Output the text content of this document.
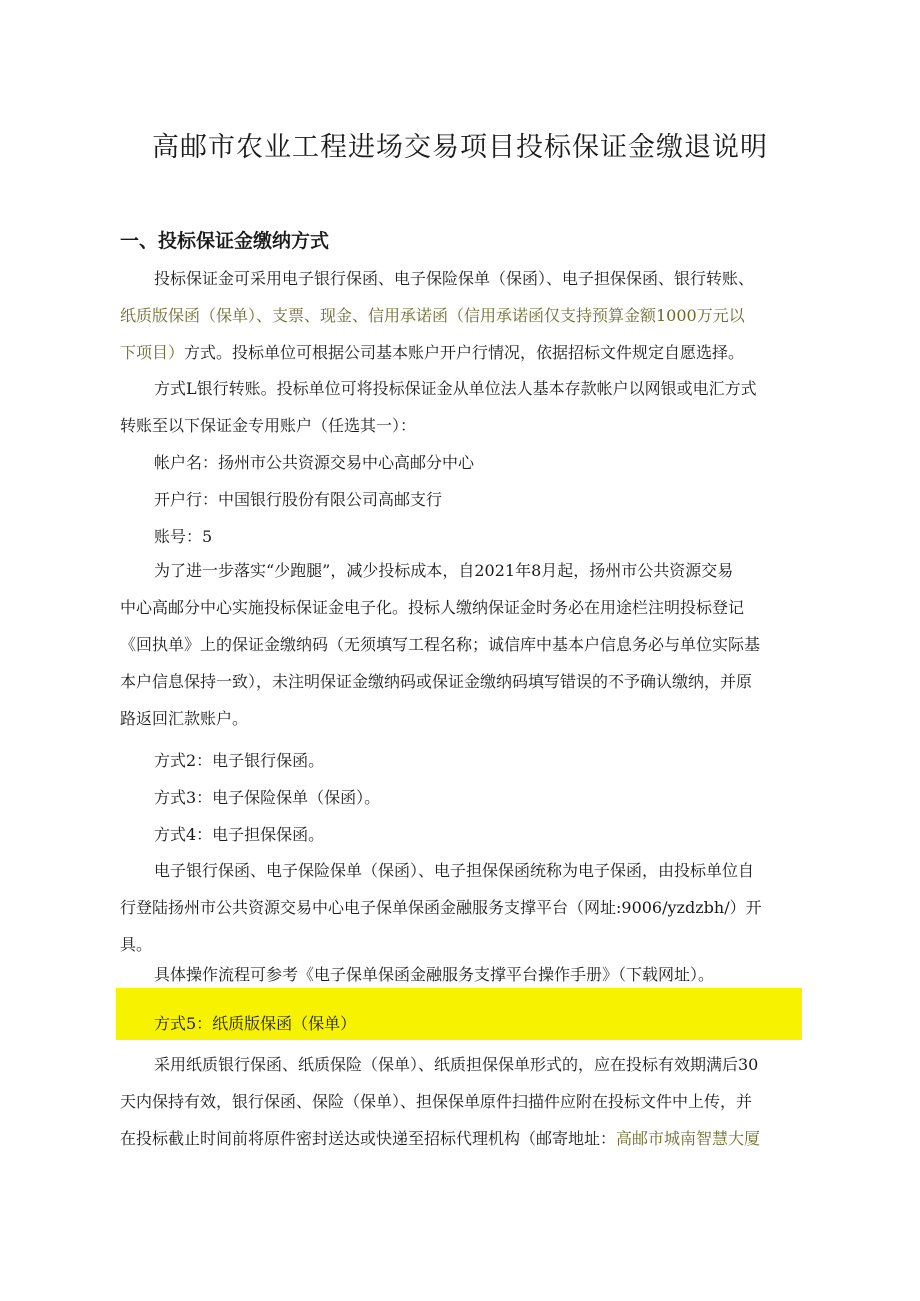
高邮市农业工程进场交易项目投标保证金缴退说明
一、投标保证金缴纳方式
投标保证金可采用电子银行保函、电子保险保单（保函）、电子担保保函、银行转账、
纸质版保函（保单）、支票、现金、信用承诺函（信用承诺函仅支持预算金额1000万元以
下项目）方式。投标单位可根据公司基本账户开户行情况，依据招标文件规定自愿选择。
方式L银行转账。投标单位可将投标保证金从单位法人基本存款帐户以网银或电汇方式
转账至以下保证金专用账户（任选其一）：
帐户名：扬州市公共资源交易中心高邮分中心
开户行：中国银行股份有限公司高邮支行
账号：5
为了进一步落实“少跑腿”，减少投标成本，自2021年8月起，扬州市公共资源交易
中心高邮分中心实施投标保证金电子化。投标人缴纳保证金时务必在用途栏注明投标登记
《回执单》上的保证金缴纳码（无须填写工程名称；诚信库中基本户信息务必与单位实际基
本户信息保持一致），未注明保证金缴纳码或保证金缴纳码填写错误的不予确认缴纳，并原
路返回汇款账户。
方式2：电子银行保函。
方式3：电子保险保单（保函）。
方式4：电子担保保函。
电子银行保函、电子保险保单（保函）、电子担保保函统称为电子保函，由投标单位自
行登陆扬州市公共资源交易中心电子保单保函金融服务支撑平台（网址:9006/yzdzbh/）开
具。
具体操作流程可参考《电子保单保函金融服务支撑平台操作手册》（下载网址）。
方式5：纸质版保函（保单）
采用纸质银行保函、纸质保险（保单）、纸质担保保单形式的，应在投标有效期满后30
天内保持有效，银行保函、保险（保单）、担保保单原件扫描件应附在投标文件中上传，并
在投标截止时间前将原件密封送达或快递至招标代理机构（邮寄地址：高邮市城南智慧大厦
